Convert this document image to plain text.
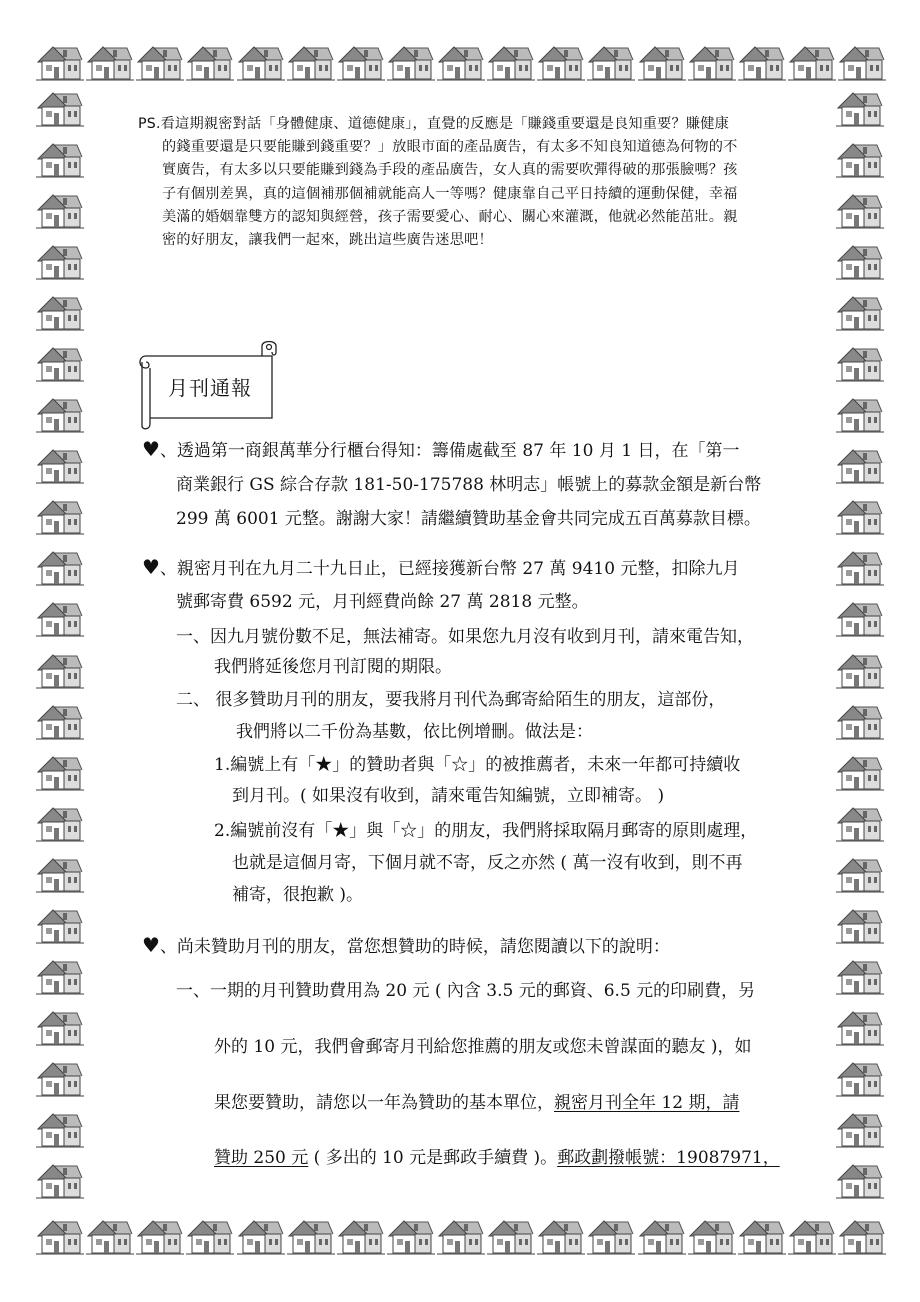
PS.看這期親密對話「身體健康、道德健康」，直覺的反應是「賺錢重要還是良知重要？賺健康
的錢重要還是只要能賺到錢重要？」放眼市面的產品廣告，有太多不知良知道德為何物的不
實廣告，有太多以只要能賺到錢為手段的產品廣告，女人真的需要吹彈得破的那張臉嗎？孩
子有個別差異，真的這個補那個補就能高人一等嗎？健康靠自己平日持續的運動保健，幸福
美滿的婚姻靠雙方的認知與經營，孩子需要愛心、耐心、關心來灌溉，他就必然能茁壯。親
密的好朋友，讓我們一起來，跳出這些廣告迷思吧！
月刊通報
♥、透過第一商銀萬華分行櫃台得知：籌備處截至 87 年 10 月 1 日，在「第一
商業銀行 GS 綜合存款 181-50-175788 林明志」帳號上的募款金額是新台幣
299 萬 6001 元整。謝謝大家！請繼續贊助基金會共同完成五百萬募款目標。
♥、親密月刊在九月二十九日止，已經接獲新台幣 27 萬 9410 元整，扣除九月
號郵寄費 6592 元，月刊經費尚餘 27 萬 2818 元整。
一、因九月號份數不足，無法補寄。如果您九月沒有收到月刊，請來電告知，
我們將延後您月刊訂閱的期限。
二、 很多贊助月刊的朋友，要我將月刊代為郵寄給陌生的朋友，這部份，
我們將以二千份為基數，依比例增刪。做法是：
1.編號上有「★」的贊助者與「☆」的被推薦者，未來一年都可持續收
到月刊。( 如果沒有收到，請來電告知編號，立即補寄。 )
2.編號前沒有「★」與「☆」的朋友，我們將採取隔月郵寄的原則處理，
也就是這個月寄，下個月就不寄，反之亦然 ( 萬一沒有收到，則不再
補寄，很抱歉 )。
♥、尚未贊助月刊的朋友，當您想贊助的時候，請您閱讀以下的說明：
一、一期的月刊贊助費用為 20 元 ( 內含 3.5 元的郵資、6.5 元的印刷費，另
外的 10 元，我們會郵寄月刊給您推薦的朋友或您未曾謀面的聽友 )，如
果您要贊助，請您以一年為贊助的基本單位，親密月刊全年 12 期，請
贊助 250 元 ( 多出的 10 元是郵政手續費 )。郵政劃撥帳號：19087971，
